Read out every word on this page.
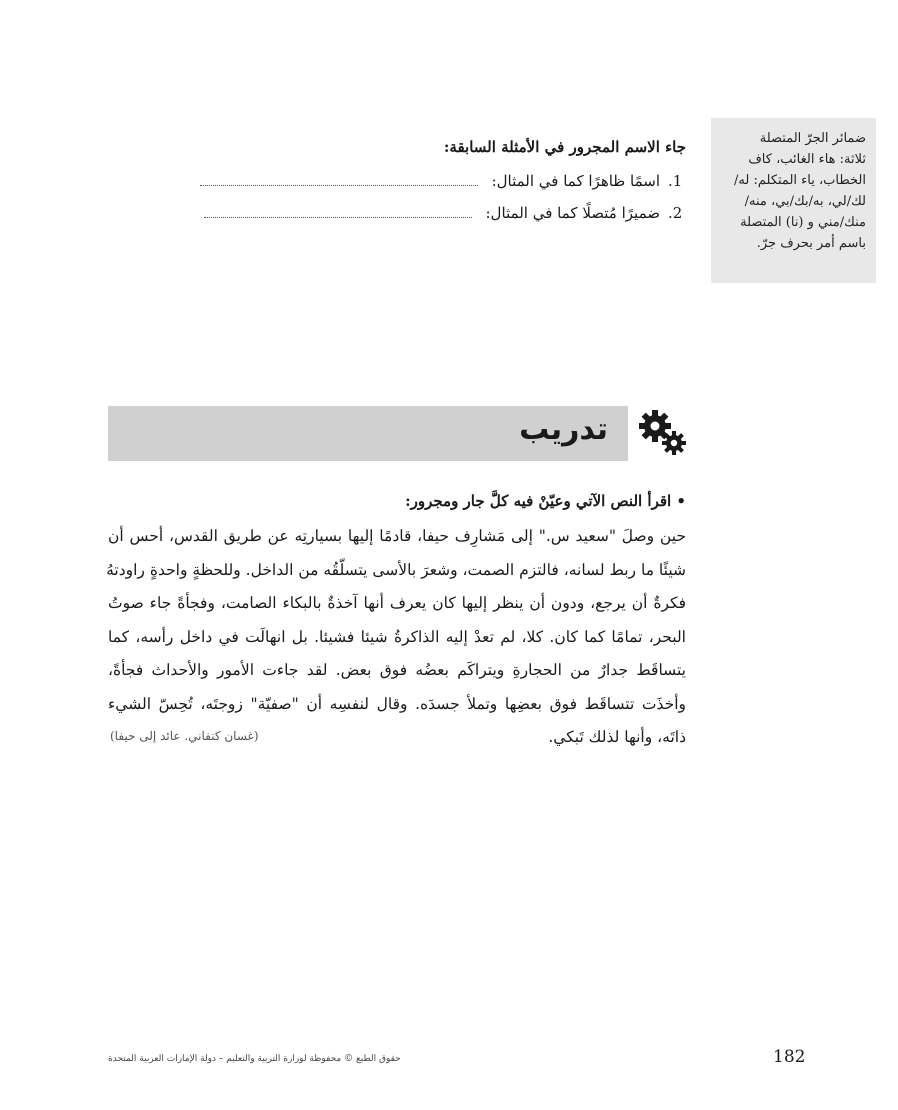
ضمائر الجرّ المتصلة
ثلاثة: هاء الغائب، كاف
الخطاب، ياء المتكلم: له/
لك/لي، به/بك/بي، منه/
منك/مني و (نا) المتصلة
باسم أمر بحرف جرّ.
جاء الاسم المجرور في الأمثلة السابقة:
1.
اسمًا ظاهرًا كما في المثال:
2.
ضميرًا مُتصلًا كما في المثال:
تدريب
• اقرأ النص الآتي وعيّنْ فيه كلَّ جار ومجرور:
حين وصلَ "سعيد س." إلى مَشارِف حيفا، قادمًا إليها بسيارتِه عن طريق القدس، أحس أن
شيئًا ما ربط لسانه، فالتزم الصمت، وشعرَ بالأسى يتسلّقُه من الداخل. وللحظةٍ واحدةٍ راودتهُ
فكرةٌ أن يرجع، ودون أن ينظر إليها كان يعرف أنها آخذةٌ بالبكاء الصامت، وفجأةً جاء صوتُ
البحر، تمامًا كما كان. كلا، لم تعدْ إليه الذاكرةُ شيئا فشيئا. بل انهالَت في داخل رأسه، كما
يتساقَط جدارٌ من الحجارةِ ويتراكَم بعضُه فوق بعض. لقد جاءت الأمور والأحداث فجأةً،
وأخذَت تتساقَط فوق بعضِها وتملأ جسدَه. وقال لنفسِه أن "صفيّة" زوجتَه، تُحِسّ الشيء
ذاتَه، وأنها لذلك تَبكي.
(غسان كنفاني. عائد إلى حيفا)
182
حقوق الطبع © محفوظة لوزارة التربية والتعليم – دولة الإمارات العربية المتحدة
